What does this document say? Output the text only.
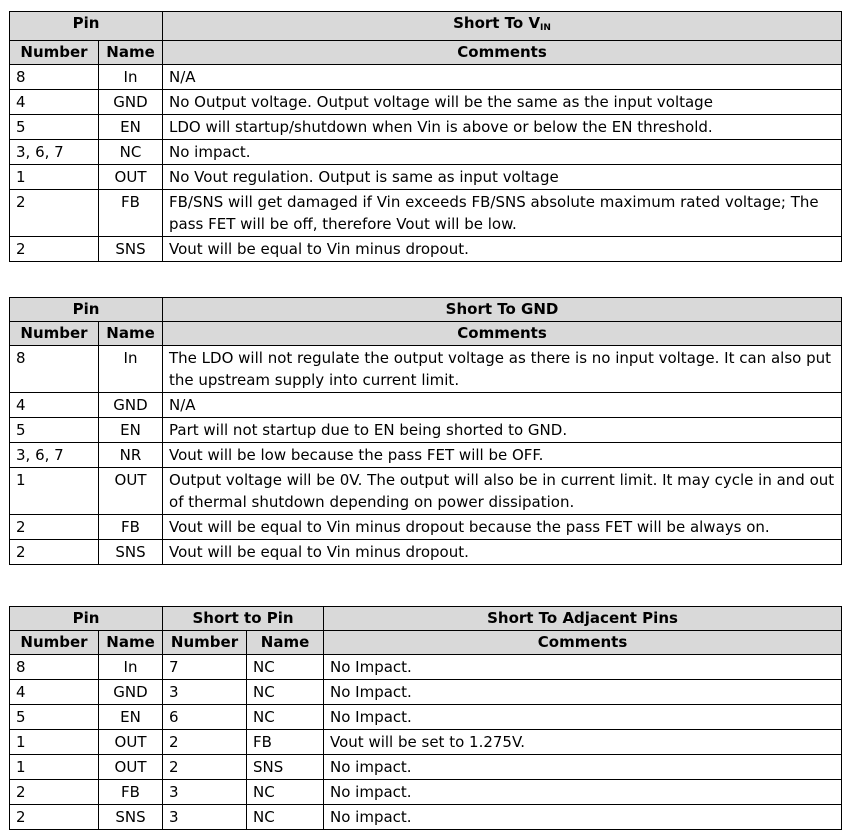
Pin		Short To $V_{IN}$
Number	Name	Comments
8	In	N/A
4	GND	No Output voltage. Output voltage will be the same as the input voltage
5	EN	LDO will startup/shutdown when Vin is above or below the EN threshold.
3, 6, 7	NC	No impact.
1	OUT	No Vout regulation. Output is same as input voltage
2	FB	FB/SNS will get damaged if Vin exceeds FB/SNS absolute maximum rated voltage; The pass FET will be off, therefore Vout will be low.
2	SNS	Vout will be equal to Vin minus dropout.
Pin		Short To GND
Number	Name	Comments
8	In	The LDO will not regulate the output voltage as there is no input voltage. It can also put the upstream supply into current limit.
4	GND	N/A
5	EN	Part will not startup due to EN being shorted to GND.
3, 6, 7	NR	Vout will be low because the pass FET will be OFF.
1	OUT	Output voltage will be 0V. The output will also be in current limit. It may cycle in and out of thermal shutdown depending on power dissipation.
2	FB	Vout will be equal to Vin minus dropout because the pass FET will be always on.
2	SNS	Vout will be equal to Vin minus dropout.
Pin		Short to Pin		Short To Adjacent Pins
Number	Name	Number	Name	Comments
8	In	7	NC	No Impact.
4	GND	3	NC	No Impact.
5	EN	6	NC	No Impact.
1	OUT	2	FB	Vout will be set to 1.275V.
1	OUT	2	SNS	No impact.
2	FB	3	NC	No impact.
2	SNS	3	NC	No impact.
